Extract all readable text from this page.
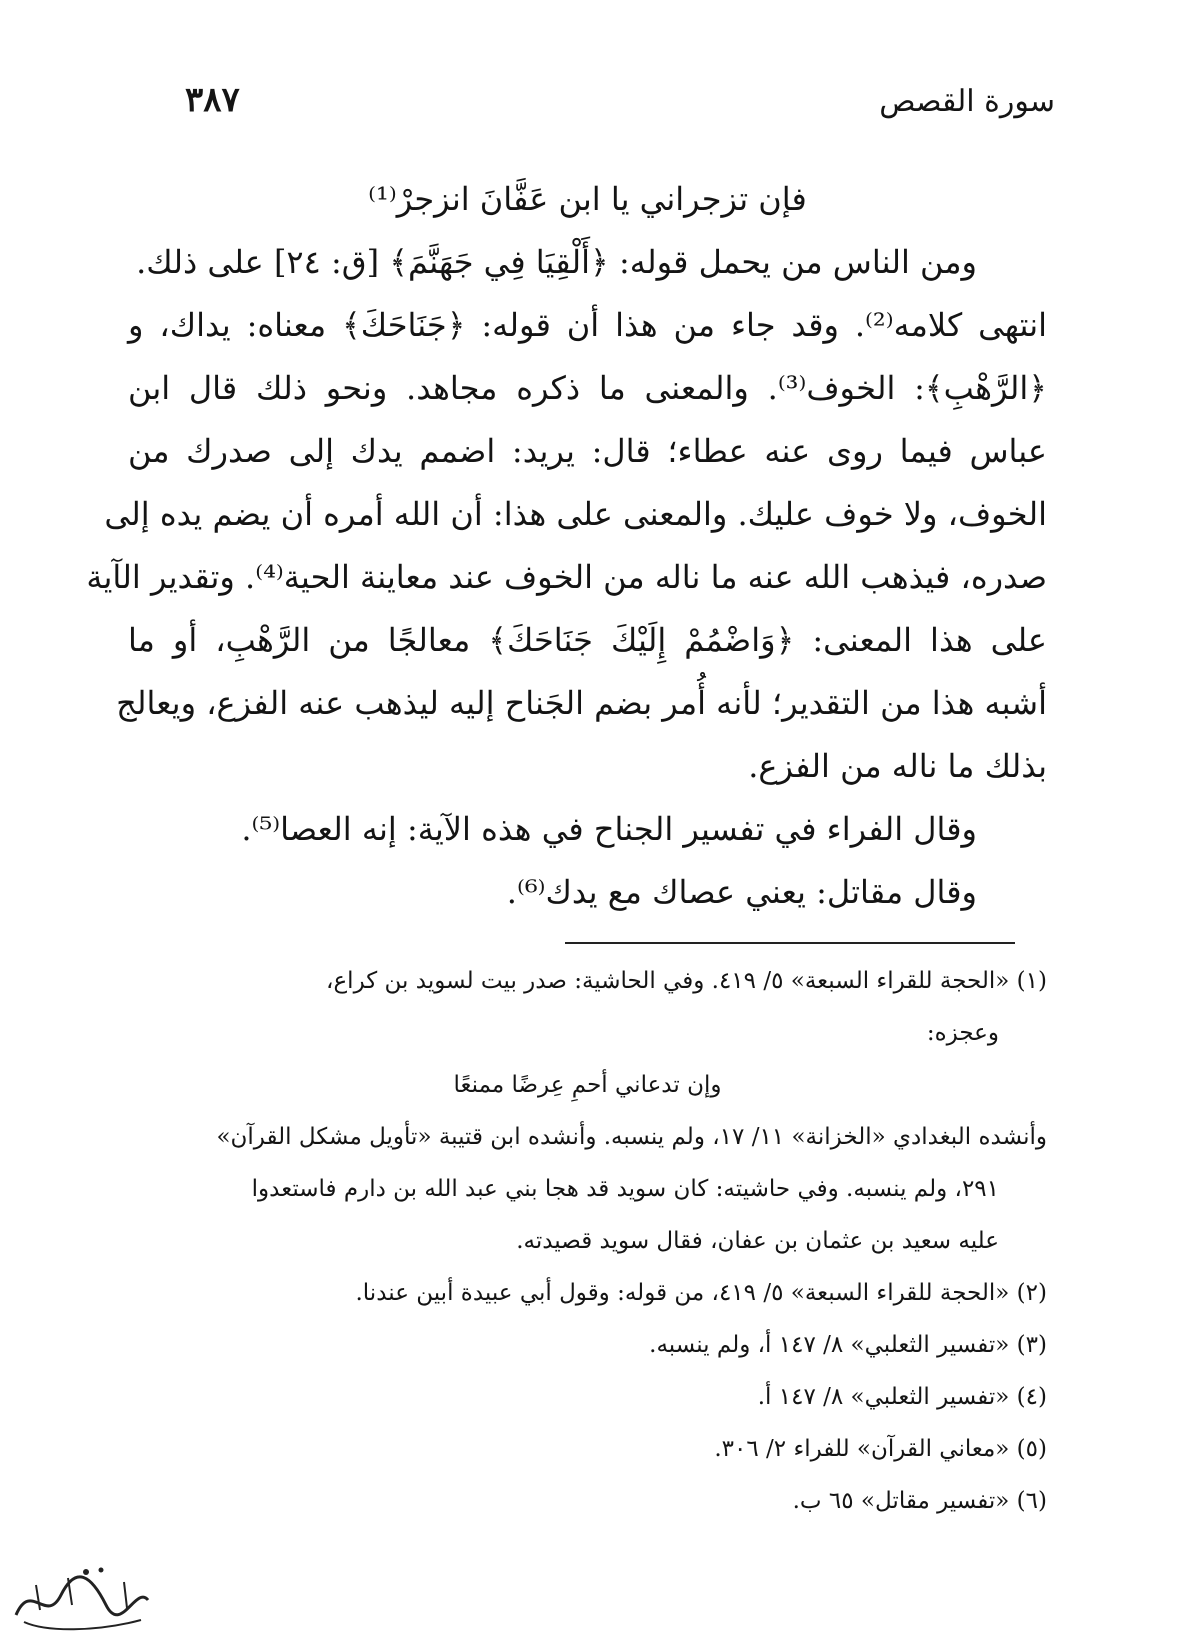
سورة القصص
٣٨٧
فإن تزجراني يا ابن عَفَّانَ انزجرْ⁽¹⁾
ومن الناس من يحمل قوله: ﴿أَلْقِيَا فِي جَهَنَّمَ﴾ [ق: ٢٤] على ذلك.
انتهى كلامه⁽²⁾. وقد جاء من هذا أن قوله: ﴿جَنَاحَكَ﴾ معناه: يداك، و
﴿الرَّهْبِ﴾: الخوف⁽³⁾. والمعنى ما ذكره مجاهد. ونحو ذلك قال ابن
عباس فيما روى عنه عطاء؛ قال: يريد: اضمم يدك إلى صدرك من
الخوف، ولا خوف عليك. والمعنى على هذا: أن الله أمره أن يضم يده إلى
صدره، فيذهب الله عنه ما ناله من الخوف عند معاينة الحية⁽⁴⁾. وتقدير الآية
على هذا المعنى: ﴿وَاضْمُمْ إِلَيْكَ جَنَاحَكَ﴾ معالجًا من الرَّهْبِ، أو ما
أشبه هذا من التقدير؛ لأنه أُمر بضم الجَناح إليه ليذهب عنه الفزع، ويعالج
بذلك ما ناله من الفزع.
وقال الفراء في تفسير الجناح في هذه الآية: إنه العصا⁽⁵⁾.
وقال مقاتل: يعني عصاك مع يدك⁽⁶⁾.
(١) «الحجة للقراء السبعة» ٥/ ٤١٩. وفي الحاشية: صدر بيت لسويد بن كراع،
وعجزه:
وإن تدعاني أحمِ عِرضًا ممنعًا
وأنشده البغدادي «الخزانة» ١١/ ١٧، ولم ينسبه. وأنشده ابن قتيبة «تأويل مشكل القرآن»
٢٩١، ولم ينسبه. وفي حاشيته: كان سويد قد هجا بني عبد الله بن دارم فاستعدوا
عليه سعيد بن عثمان بن عفان، فقال سويد قصيدته.
(٢) «الحجة للقراء السبعة» ٥/ ٤١٩، من قوله: وقول أبي عبيدة أبين عندنا.
(٣) «تفسير الثعلبي» ٨/ ١٤٧ أ، ولم ينسبه.
(٤) «تفسير الثعلبي» ٨/ ١٤٧ أ.
(٥) «معاني القرآن» للفراء ٢/ ٣٠٦.
(٦) «تفسير مقاتل» ٦٥ ب.
